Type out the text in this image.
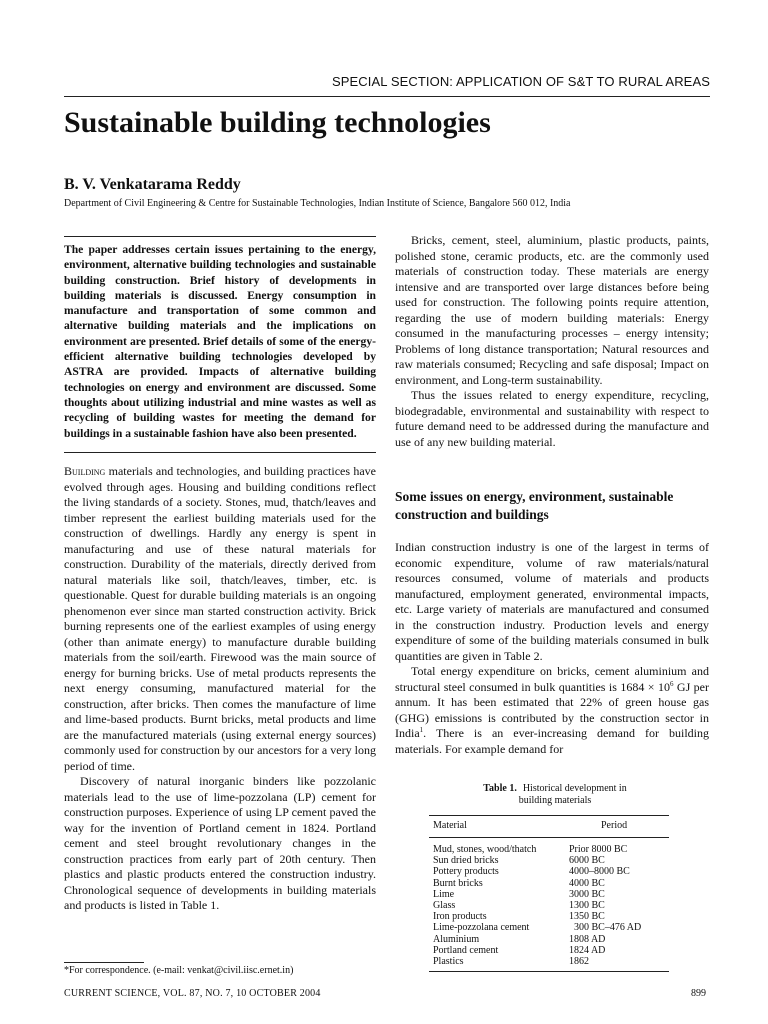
SPECIAL SECTION: APPLICATION OF S&T TO RURAL AREAS
Sustainable building technologies
B. V. Venkatarama Reddy
Department of Civil Engineering & Centre for Sustainable Technologies, Indian Institute of Science, Bangalore 560 012, India

The paper addresses certain issues pertaining to the energy, environment, alternative building technologies and sustainable building construction. Brief history of developments in building materials is discussed. Energy consumption in manufacture and transportation of some common and alternative building materials and the implications on environment are presented. Brief details of some of the energy-efficient alternative building technologies developed by ASTRA are provided. Impacts of alternative building technologies on energy and environment are discussed. Some thoughts about utilizing industrial and mine wastes as well as recycling of building wastes for meeting the demand for buildings in a sustainable fashion have also been presented.

Building materials and technologies, and building practices have evolved through ages. Housing and building conditions reflect the living standards of a society. Stones, mud, thatch/leaves and timber represent the earliest building materials used for the construction of dwellings. Hardly any energy is spent in manufacturing and use of these natural materials for construction. Durability of the materials, directly derived from natural materials like soil, thatch/leaves, timber, etc. is questionable. Quest for durable building materials is an ongoing phenomenon ever since man started construction activity. Brick burning represents one of the earliest examples of using energy (other than animate energy) to manufacture durable building materials from the soil/earth. Firewood was the main source of energy for burning bricks. Use of metal products represents the next energy consuming, manufactured material for the construction, after bricks. Then comes the manufacture of lime and lime-based products. Burnt bricks, metal products and lime are the manufactured materials (using external energy sources) commonly used for construction by our ancestors for a very long period of time.

Discovery of natural inorganic binders like pozzolanic materials lead to the use of lime-pozzolana (LP) cement for construction purposes. Experience of using LP cement paved the way for the invention of Portland cement in 1824. Portland cement and steel brought revolutionary changes in the construction practices from early part of 20th century. Then plastics and plastic products entered the construction industry. Chronological sequence of developments in building materials and products is listed in Table 1.

Bricks, cement, steel, aluminium, plastic products, paints, polished stone, ceramic products, etc. are the commonly used materials of construction today. These materials are energy intensive and are transported over large distances before being used for construction. The following points require attention, regarding the use of modern building materials: Energy consumed in the manufacturing processes – energy intensity; Problems of long distance transportation; Natural resources and raw materials consumed; Recycling and safe disposal; Impact on environment, and Long-term sustainability.

Thus the issues related to energy expenditure, recycling, biodegradable, environmental and sustainability with respect to future demand need to be addressed during the manufacture and use of any new building material.

Some issues on energy, environment, sustainable construction and buildings

Indian construction industry is one of the largest in terms of economic expenditure, volume of raw materials/natural resources consumed, volume of materials and products manufactured, employment generated, environmental impacts, etc. Large variety of materials are manufactured and consumed in the construction industry. Production levels and energy expenditure of some of the building materials consumed in bulk quantities are given in Table 2.

Total energy expenditure on bricks, cement aluminium and structural steel consumed in bulk quantities is $1684 \times 10^6$ GJ per annum. It has been estimated that 22% of green house gas (GHG) emissions is contributed by the construction sector in India$^1$. There is an ever-increasing demand for building materials. For example demand for

Table 1. Historical development in
building materials
Material	Period
Mud, stones, wood/thatch	Prior 8000 BC
Sun dried bricks	6000 BC
Pottery products	4000–8000 BC
Burnt bricks	4000 BC
Lime	3000 BC
Glass	1300 BC
Iron products	1350 BC
Lime-pozzolana cement	300 BC–476 AD
Aluminium	1808 AD
Portland cement	1824 AD
Plastics	1862
*For correspondence. (e-mail: venkat@civil.iisc.ernet.in)
CURRENT SCIENCE, VOL. 87, NO. 7, 10 OCTOBER 2004	899
